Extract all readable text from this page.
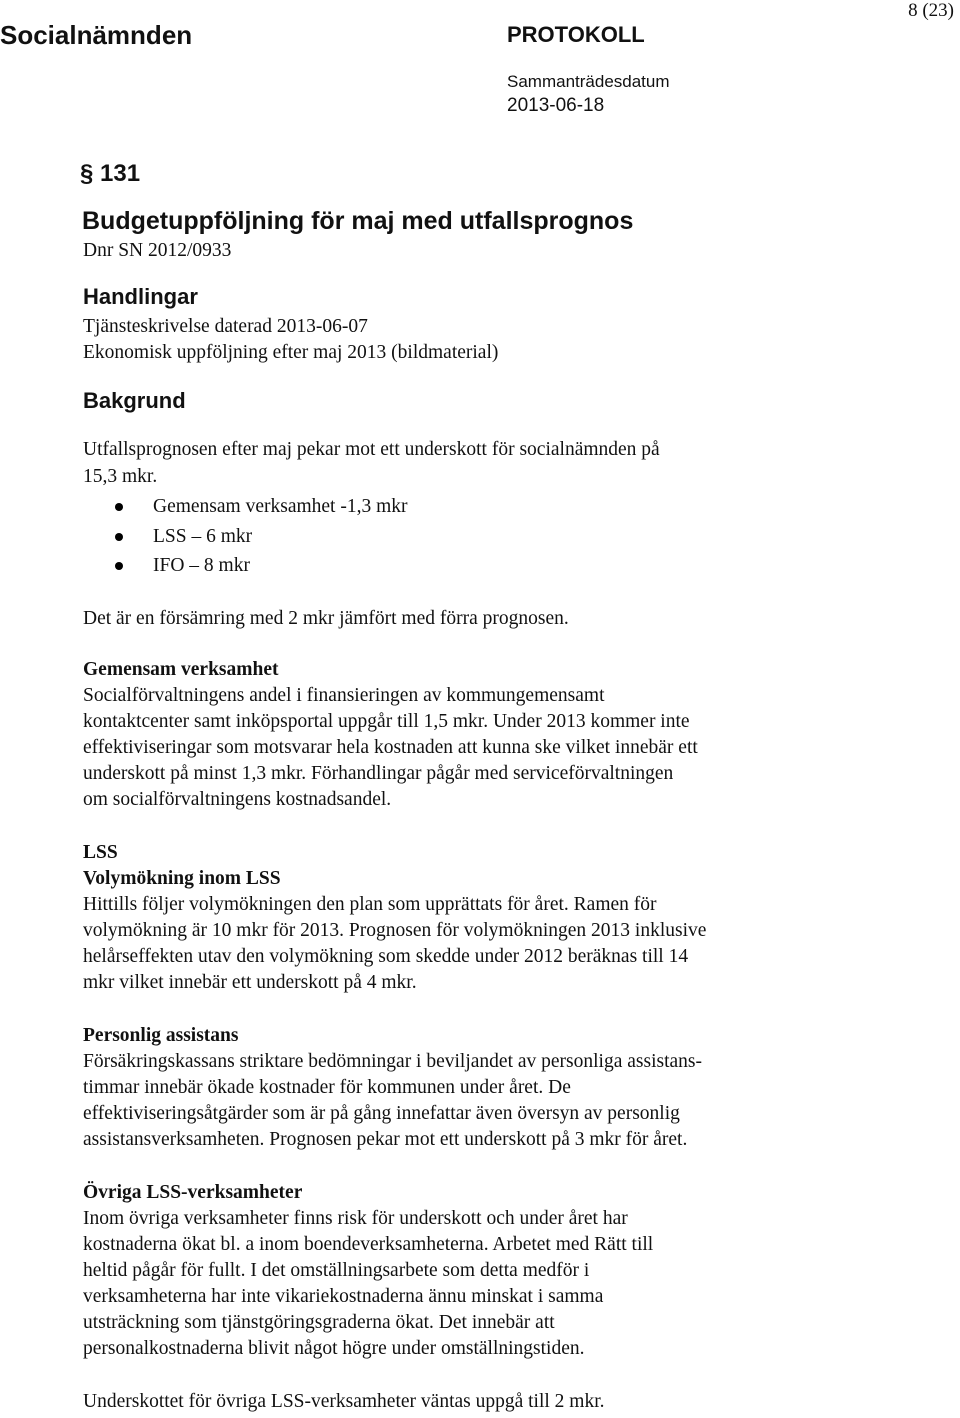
Socialnämnden	PROTOKOLL
Sammanträdesdatum
2013-06-18
8 (23)
§ 131
Budgetuppföljning för maj med utfallsprognos
Dnr SN 2012/0933
Handlingar
Tjänsteskrivelse daterad 2013-06-07
Ekonomisk uppföljning efter maj 2013 (bildmaterial)
Bakgrund
Utfallsprognosen efter maj pekar mot ett underskott för socialnämnden på
15,3 mkr.
Gemensam verksamhet -1,3 mkr
LSS – 6 mkr
IFO – 8 mkr
Det är en försämring med 2 mkr jämfört med förra prognosen.
Gemensam verksamhet
Socialförvaltningens andel i finansieringen av kommungemensamt
kontaktcenter samt inköpsportal uppgår till 1,5 mkr. Under 2013 kommer inte
effektiviseringar som motsvarar hela kostnaden att kunna ske vilket innebär ett
underskott på minst 1,3 mkr. Förhandlingar pågår med serviceförvaltningen
om socialförvaltningens kostnadsandel.
LSS
Volymökning inom LSS
Hittills följer volymökningen den plan som upprättats för året. Ramen för
volymökning är 10 mkr för 2013. Prognosen för volymökningen 2013 inklusive
helårseffekten utav den volymökning som skedde under 2012 beräknas till 14
mkr vilket innebär ett underskott på 4 mkr.
Personlig assistans
Försäkringskassans striktare bedömningar i beviljandet av personliga assistans-
timmar innebär ökade kostnader för kommunen under året. De
effektiviseringsåtgärder som är på gång innefattar även översyn av personlig
assistansverksamheten. Prognosen pekar mot ett underskott på 3 mkr för året.
Övriga LSS-verksamheter
Inom övriga verksamheter finns risk för underskott och under året har
kostnaderna ökat bl. a inom boendeverksamheterna. Arbetet med Rätt till
heltid pågår för fullt. I det omställningsarbete som detta medför i
verksamheterna har inte vikariekostnaderna ännu minskat i samma
utsträckning som tjänstgöringsgraderna ökat. Det innebär att
personalkostnaderna blivit något högre under omställningstiden.
Underskottet för övriga LSS-verksamheter väntas uppgå till 2 mkr.
